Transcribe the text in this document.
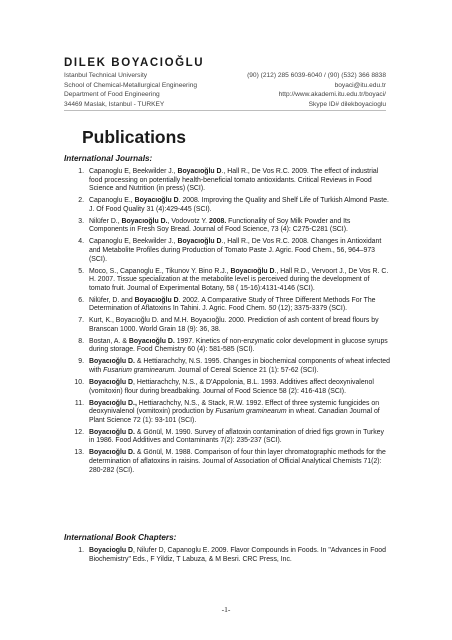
DILEK BOYACIOĞLU
Istanbul Technical University
School of Chemical-Metallurgical Engineering
Department of Food Engineering
34469 Maslak, Istanbul - TURKEY
(90) (212) 285 6039-6040 / (90) (532) 366 8838
boyaci@itu.edu.tr
http://www.akademi.itu.edu.tr/boyaci/
Skype ID# dilekboyacioglu
Publications
International Journals:
1. Capanoglu E, Beekwilder J., Boyacıoğlu D., Hall R., De Vos R.C. 2009. The effect of industrial food processing on potentially health-beneficial tomato antioxidants. Critical Reviews in Food Science and Nutrition (in press) (SCI).
2. Capanoglu E., Boyacıoğlu D. 2008. Improving the Quality and Shelf Life of Turkish Almond Paste. J. Of Food Quality 31 (4):429-445 (SCI).
3. Nilüfer D., Boyacıoğlu D., Vodovotz Y. 2008. Functionality of Soy Milk Powder and Its Components in Fresh Soy Bread. Journal of Food Science, 73 (4): C275-C281 (SCI).
4. Capanoglu E, Beekwilder J., Boyacıoğlu D., Hall R., De Vos R.C. 2008. Changes in Antioxidant and Metabolite Profiles during Production of Tomato Paste J. Agric. Food Chem., 56, 964–973 (SCI).
5. Moco, S., Capanoglu E., Tikunov Y. Bino R.J., Boyacıoğlu D., Hall R.D., Vervoort J., De Vos R. C. H. 2007. Tissue specialization at the metabolite level is perceived during the development of tomato fruit. Journal of Experimental Botany, 58 ( 15-16):4131-4146 (SCI).
6. Nilüfer, D. and Boyacıoğlu D. 2002. A Comparative Study of Three Different Methods For The Determination of Aflatoxins In Tahini. J. Agric. Food Chem. 50 (12); 3375-3379 (SCI).
7. Kurt, K., Boyacıoğlu D. and M.H. Boyacıoğlu. 2000. Prediction of ash content of bread flours by Branscan 1000. World Grain 18 (9): 36, 38.
8. Bostan, A. & Boyacıoğlu D. 1997. Kinetics of non-enzymatic color development in glucose syrups during storage. Food Chemistry 60 (4): 581-585 (SCI).
9. Boyacıoğlu D. & Hettiarachchy, N.S. 1995. Changes in biochemical components of wheat infected with Fusarium graminearum. Journal of Cereal Science 21 (1): 57-62 (SCI).
10. Boyacıoğlu D, Hettiarachchy, N.S., & D'Appolonia, B.L. 1993. Additives affect deoxynivalenol (vomitoxin) flour during breadbaking. Journal of Food Science 58 (2): 416-418 (SCI).
11. Boyacıoğlu D., Hettiarachchy, N.S., & Stack, R.W. 1992. Effect of three systemic fungicides on deoxynivalenol (vomitoxin) production by Fusarium graminearum in wheat. Canadian Journal of Plant Science 72 (1): 93-101 (SCI).
12. Boyacıoğlu D. & Gönül, M. 1990. Survey of aflatoxin contamination of dried figs grown in Turkey in 1986. Food Additives and Contaminants 7(2): 235-237 (SCI).
13. Boyacıoğlu D. & Gönül, M. 1988. Comparison of four thin layer chromatographic methods for the determination of aflatoxins in raisins. Journal of Association of Official Analytical Chemists 71(2): 280-282 (SCI).
International Book Chapters:
1. Boyacioglu D, Nilufer D, Capanoglu E. 2009. Flavor Compounds in Foods. In "Advances in Food Biochemistry" Eds., F Yildiz, T Labuza, & M Besri. CRC Press, Inc.
-1-
